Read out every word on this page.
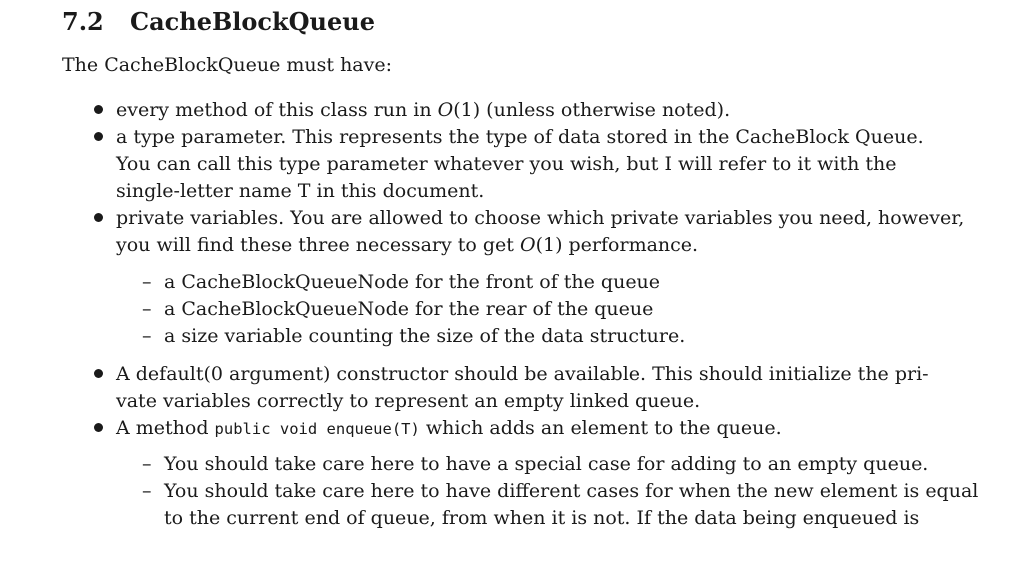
7.2 CacheBlockQueue
The CacheBlockQueue must have:
every method of this class run in O(1) (unless otherwise noted).
a type parameter. This represents the type of data stored in the CacheBlock Queue.
You can call this type parameter whatever you wish, but I will refer to it with the
single-letter name T in this document.
private variables. You are allowed to choose which private variables you need, however,
you will find these three necessary to get O(1) performance.
– a CacheBlockQueueNode for the front of the queue
– a CacheBlockQueueNode for the rear of the queue
– a size variable counting the size of the data structure.
A default(0 argument) constructor should be available. This should initialize the pri-
vate variables correctly to represent an empty linked queue.
A method public void enqueue(T) which adds an element to the queue.
– You should take care here to have a special case for adding to an empty queue.
– You should take care here to have different cases for when the new element is equal
to the current end of queue, from when it is not. If the data being enqueued is
